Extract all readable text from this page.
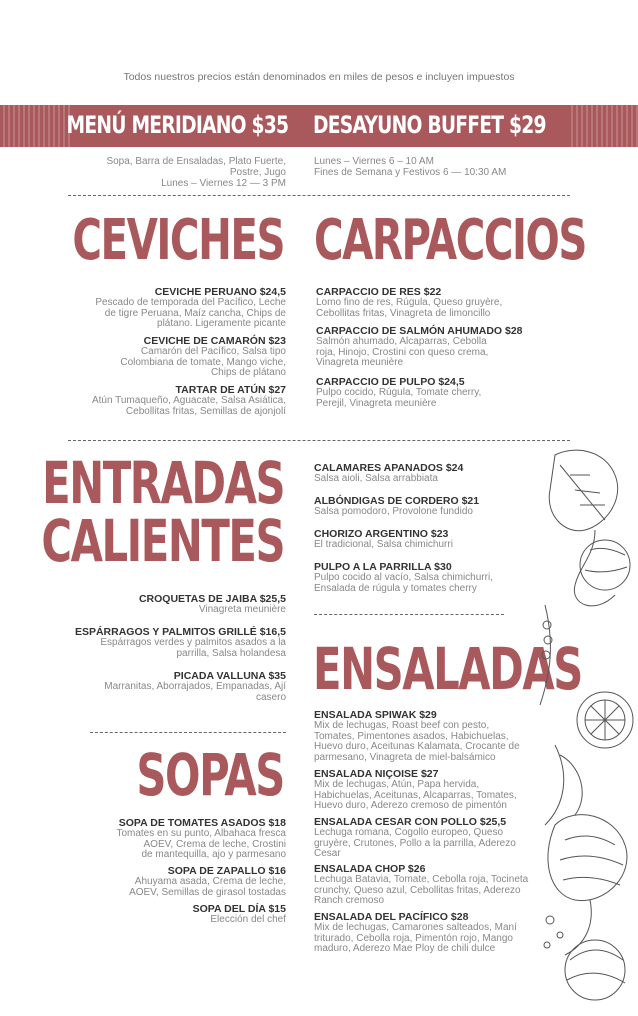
Todos nuestros precios están denominados en miles de pesos e incluyen impuestos
MENÚ MERIDIANO $35 DESAYUNO BUFFET $29
Sopa, Barra de Ensaladas, Plato Fuerte,
Postre, Jugo
Lunes – Viernes 12 — 3 PM
Lunes – Viernes 6 – 10 AM
Fines de Semana y Festivos 6 — 10:30 AM
CEVICHES
CEVICHE PERUANO $24,5
Pescado de temporada del Pacífico, Leche
de tigre Peruana, Maíz cancha, Chips de
plátano. Ligeramente picante
CEVICHE DE CAMARÓN $23
Camarón del Pacífico, Salsa tipo
Colombiana de tomate, Mango viche,
Chips de plátano
TARTAR DE ATÚN $27
Atún Tumaqueño, Aguacate, Salsa Asiática,
Cebollitas fritas, Semillas de ajonjolí
CARPACCIOS
CARPACCIO DE RES $22
Lomo fino de res, Rúgula, Queso gruyère,
Cebollitas fritas, Vinagreta de limoncillo
CARPACCIO DE SALMÓN AHUMADO $28
Salmón ahumado, Alcaparras, Cebolla
roja, Hinojo, Crostini con queso crema,
Vinagreta meunière
CARPACCIO DE PULPO $24,5
Pulpo cocido, Rúgula, Tomate cherry,
Perejil, Vinagreta meunière
ENTRADAS
CALIENTES
CROQUETAS DE JAIBA $25,5
Vinagreta meunière
ESPÁRRAGOS Y PALMITOS GRILLÉ $16,5
Espárragos verdes y palmitos asados a la
parrilla, Salsa holandesa
PICADA VALLUNA $35
Marranitas, Aborrajados, Empanadas, Ají
casero
CALAMARES APANADOS $24
Salsa aioli, Salsa arrabbiata
ALBÓNDIGAS DE CORDERO $21
Salsa pomodoro, Provolone fundido
CHORIZO ARGENTINO $23
El tradicional, Salsa chimichurri
PULPO A LA PARRILLA $30
Pulpo cocido al vacío, Salsa chimichurri,
Ensalada de rúgula y tomates cherry
ENSALADAS
ENSALADA SPIWAK $29
Mix de lechugas, Roast beef con pesto,
Tomates, Pimentones asados, Habichuelas,
Huevo duro, Aceitunas Kalamata, Crocante de
parmesano, Vinagreta de miel-balsámico
ENSALADA NIÇOISE $27
Mix de lechugas, Atún, Papa hervida,
Habichuelas, Aceitunas, Alcaparras, Tomates,
Huevo duro, Aderezo cremoso de pimentón
ENSALADA CESAR CON POLLO $25,5
Lechuga romana, Cogollo europeo, Queso
gruyère, Crutones, Pollo a la parrilla, Aderezo
Cesar
ENSALADA CHOP $26
Lechuga Batavia, Tomate, Cebolla roja, Tocineta
crunchy, Queso azul, Cebollitas fritas, Aderezo
Ranch cremoso
ENSALADA DEL PACÍFICO $28
Mix de lechugas, Camarones salteados, Maní
triturado, Cebolla roja, Pimentón rojo, Mango
maduro, Aderezo Mae Ploy de chili dulce
SOPAS
SOPA DE TOMATES ASADOS $18
Tomates en su punto, Albahaca fresca
AOEV, Crema de leche, Crostini
de mantequilla, ajo y parmesano
SOPA DE ZAPALLO $16
Ahuyama asada, Crema de leche,
AOEV, Semillas de girasol tostadas
SOPA DEL DÍA $15
Elección del chef
